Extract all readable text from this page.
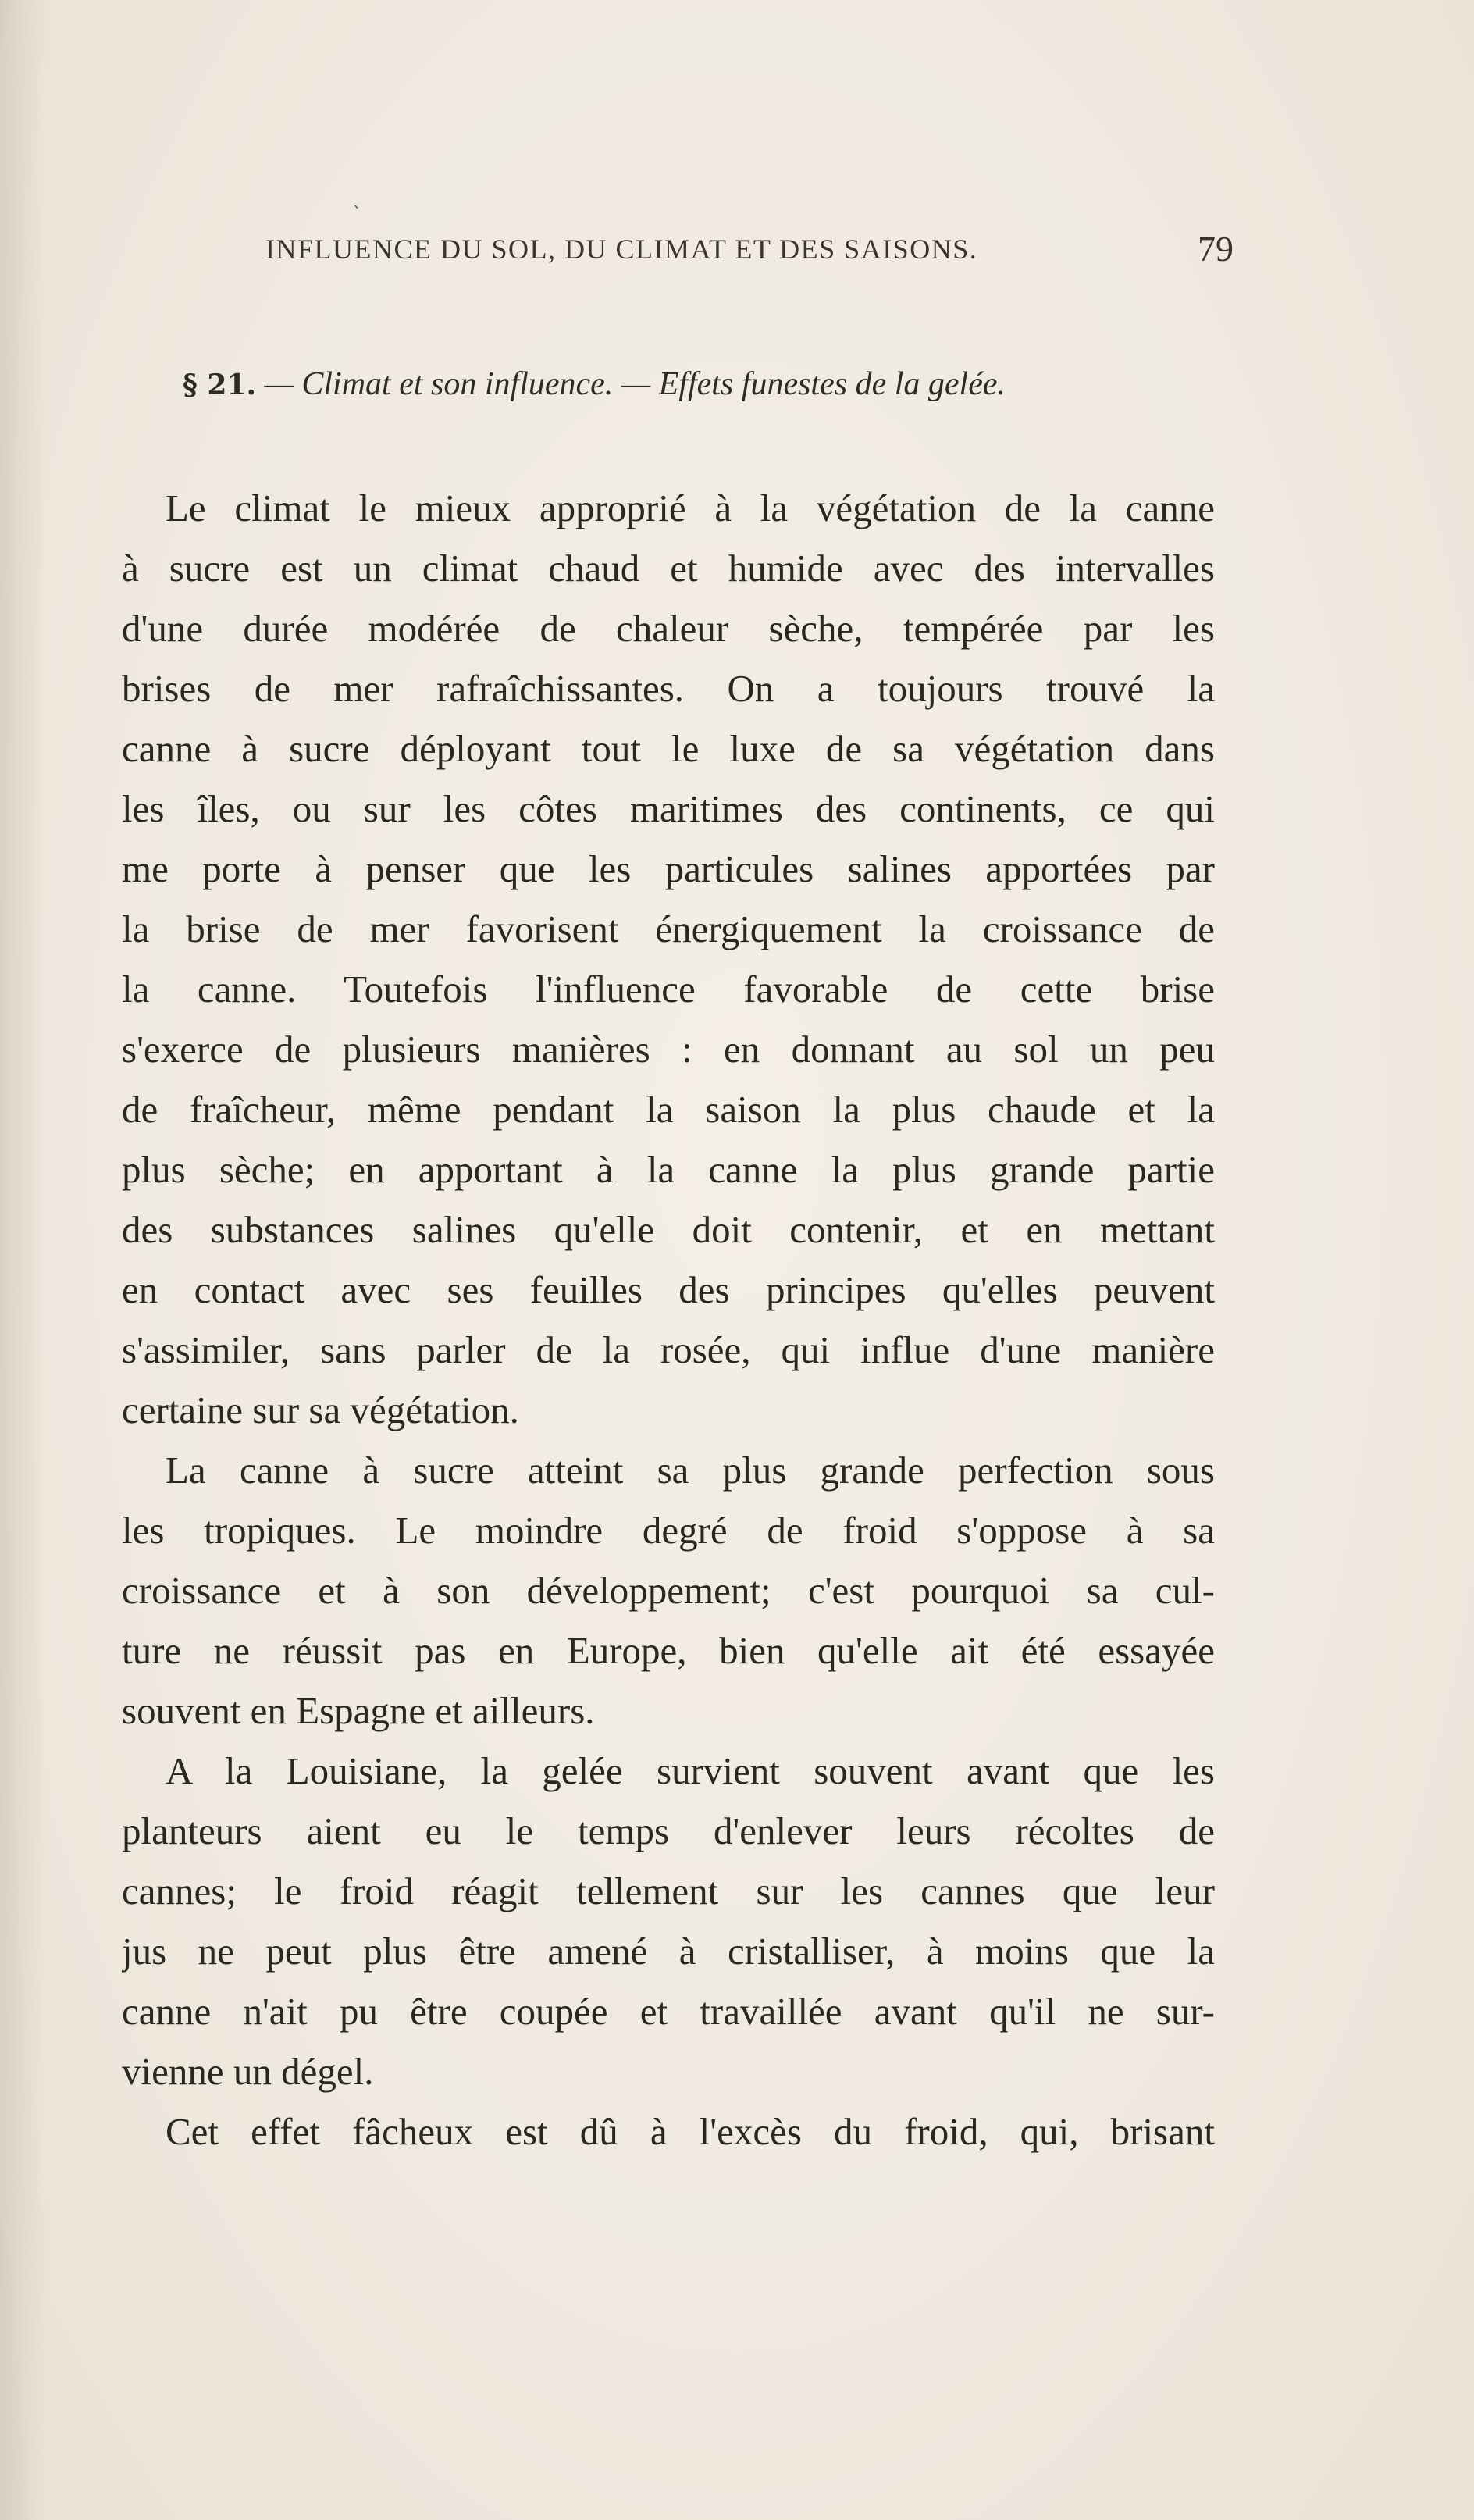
ˋ
INFLUENCE DU SOL, DU CLIMAT ET DES SAISONS.	79
§ 21. — Climat et son influence. — Effets funestes de la gelée.
Le climat le mieux approprié à la végétation de la canne
à sucre est un climat chaud et humide avec des intervalles
d'une durée modérée de chaleur sèche, tempérée par les
brises de mer rafraîchissantes. On a toujours trouvé la
canne à sucre déployant tout le luxe de sa végétation dans
les îles, ou sur les côtes maritimes des continents, ce qui
me porte à penser que les particules salines apportées par
la brise de mer favorisent énergiquement la croissance de
la canne. Toutefois l'influence favorable de cette brise
s'exerce de plusieurs manières : en donnant au sol un peu
de fraîcheur, même pendant la saison la plus chaude et la
plus sèche; en apportant à la canne la plus grande partie
des substances salines qu'elle doit contenir, et en mettant
en contact avec ses feuilles des principes qu'elles peuvent
s'assimiler, sans parler de la rosée, qui influe d'une manière
certaine sur sa végétation.
La canne à sucre atteint sa plus grande perfection sous
les tropiques. Le moindre degré de froid s'oppose à sa
croissance et à son développement; c'est pourquoi sa cul-
ture ne réussit pas en Europe, bien qu'elle ait été essayée
souvent en Espagne et ailleurs.
A la Louisiane, la gelée survient souvent avant que les
planteurs aient eu le temps d'enlever leurs récoltes de
cannes; le froid réagit tellement sur les cannes que leur
jus ne peut plus être amené à cristalliser, à moins que la
canne n'ait pu être coupée et travaillée avant qu'il ne sur-
vienne un dégel.
Cet effet fâcheux est dû à l'excès du froid, qui, brisant
